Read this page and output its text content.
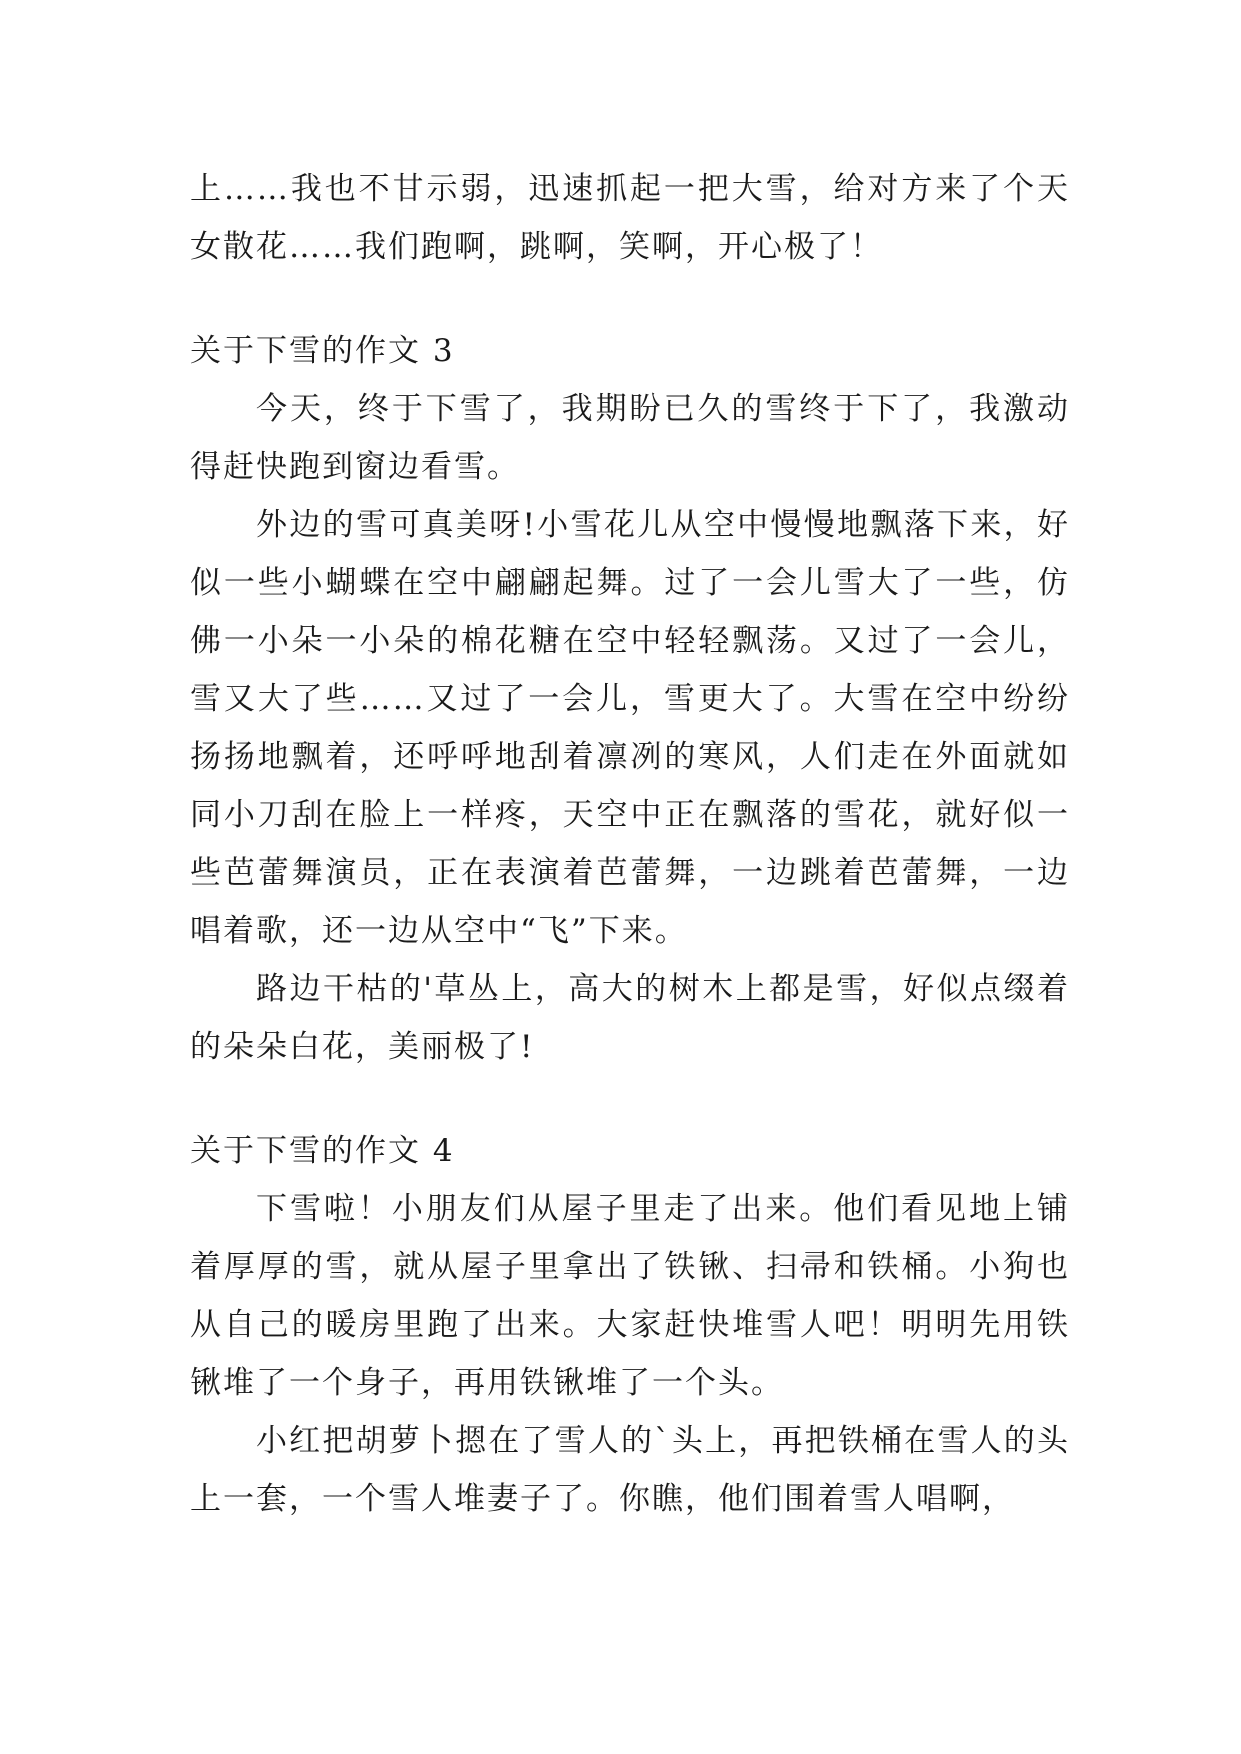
上……我也不甘示弱，迅速抓起一把大雪，给对方来了个天女散花……我们跑啊，跳啊，笑啊，开心极了！

关于下雪的作文 3

今天，终于下雪了，我期盼已久的雪终于下了，我激动得赶快跑到窗边看雪。

外边的雪可真美呀!小雪花儿从空中慢慢地飘落下来，好似一些小蝴蝶在空中翩翩起舞。过了一会儿雪大了一些，仿佛一小朵一小朵的棉花糖在空中轻轻飘荡。又过了一会儿，雪又大了些……又过了一会儿，雪更大了。大雪在空中纷纷扬扬地飘着，还呼呼地刮着凛冽的寒风，人们走在外面就如同小刀刮在脸上一样疼，天空中正在飘落的雪花，就好似一些芭蕾舞演员，正在表演着芭蕾舞，一边跳着芭蕾舞，一边唱着歌，还一边从空中“飞”下来。

路边干枯的'草丛上，高大的树木上都是雪，好似点缀着的朵朵白花，美丽极了!

关于下雪的作文 4

下雪啦！小朋友们从屋子里走了出来。他们看见地上铺着厚厚的雪，就从屋子里拿出了铁锹、扫帚和铁桶。小狗也从自己的暖房里跑了出来。大家赶快堆雪人吧！明明先用铁锹堆了一个身子，再用铁锹堆了一个头。

小红把胡萝卜摁在了雪人的`头上，再把铁桶在雪人的头上一套，一个雪人堆妻子了。你瞧，他们围着雪人唱啊，
